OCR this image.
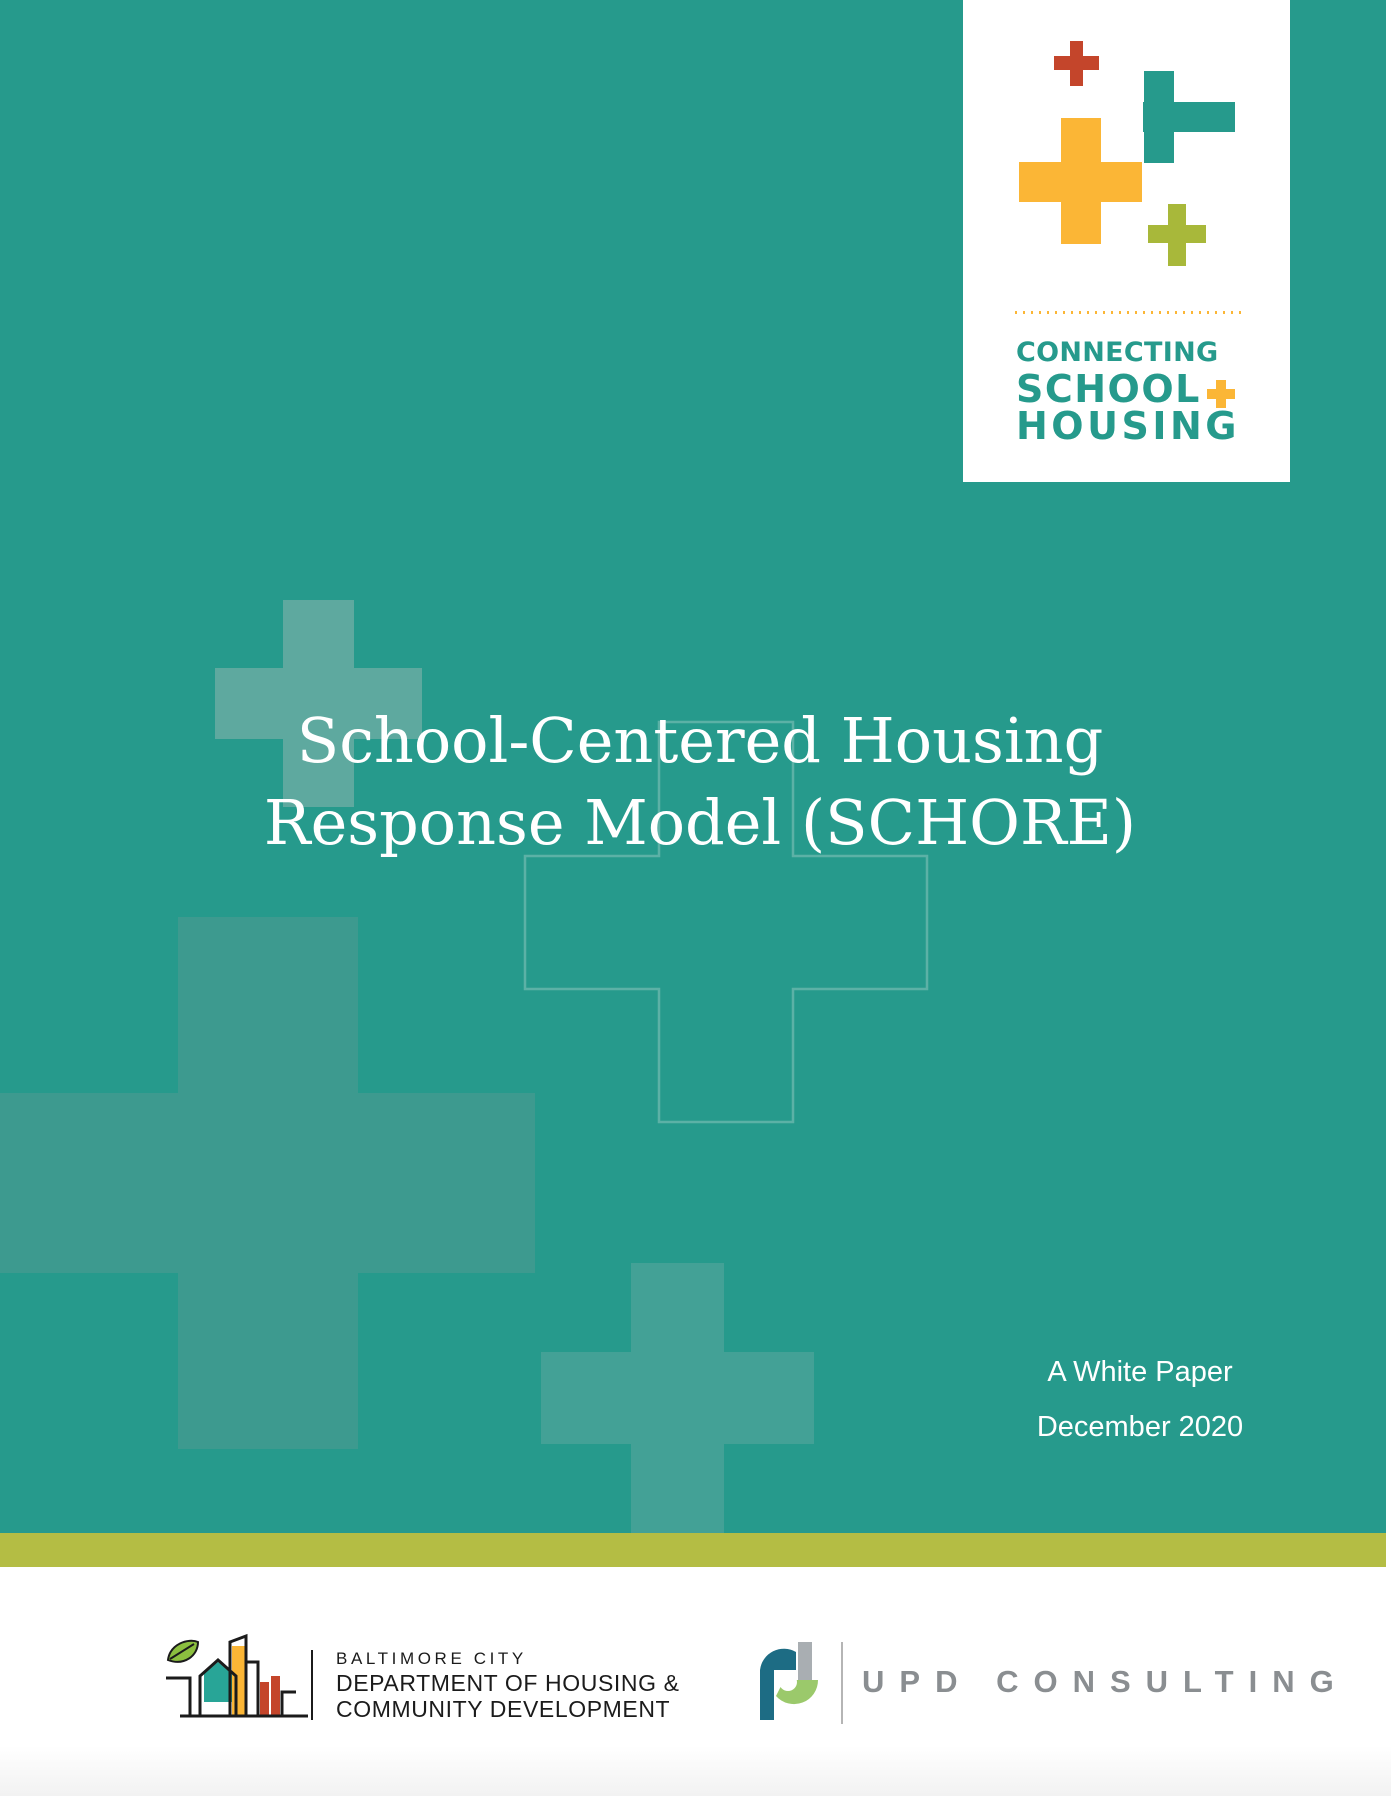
CONNECTING
SCHOOL
HOUSING
School-Centered Housing
Response Model (SCHORE)
A White Paper
December 2020
BALTIMORE CITY
DEPARTMENT OF HOUSING &
COMMUNITY DEVELOPMENT
UPD CONSULTING
